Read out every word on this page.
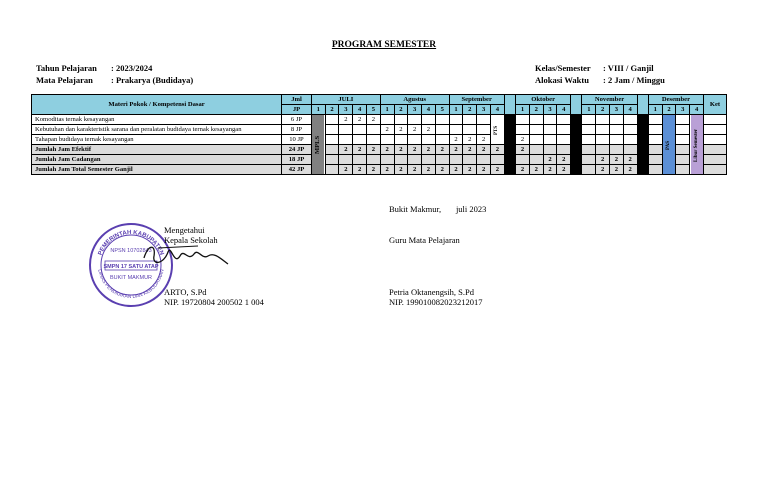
PROGRAM SEMESTER
Tahun Pelajaran	: 2023/2024
Mata Pelajaran	: Prakarya (Budidaya)
Kelas/Semester	: VIII / Ganjil
Alokasi Waktu	: 2 Jam / Minggu
Materi Pokok / Kompetensi Dasar	Jml	JULI					Agustus					September					Oktober					November					Desember				Ket
	JP	1	2	3	4	5	1	2	3	4	5	1	2	3	4		1	2	3	4		1	2	3	4		1	2	3	4	
Komoditas ternak kesayangan	6 JP	MPLS		2	2	2									PTS													PAS		Libur Semester	
Kebutuhan dan karakteristik sarana dan peralatan budidaya ternak kesayangan	8 JP						2	2	2	2																					
Tahapan budidaya ternak kesayangan	10 JP											2	2	2			2														
Jumlah Jam Efektif	24 JP			2	2	2	2	2	2	2	2	2	2	2	2		2														
Jumlah Jam Cadangan	18 JP																		2	2			2	2	2						
Jumlah Jam Total Semester Ganjil	42 JP			2	2	2	2	2	2	2	2	2	2	2	2		2	2	2	2			2	2	2						
PEMERINTAH KABUPATEN
DINAS PENDIDIKAN DAN KEBUDAYAAN
NPSN 10702843
SMPN 17 SATU ATAP
BUKIT MAKMUR
Mengetahui
Kepala Sekolah
ARTO, S.Pd
NIP. 19720804 200502 1 004
Bukit Makmur,       juli 2023
Guru Mata Pelajaran
Petria Oktanengsih, S.Pd
NIP. 199010082023212017
